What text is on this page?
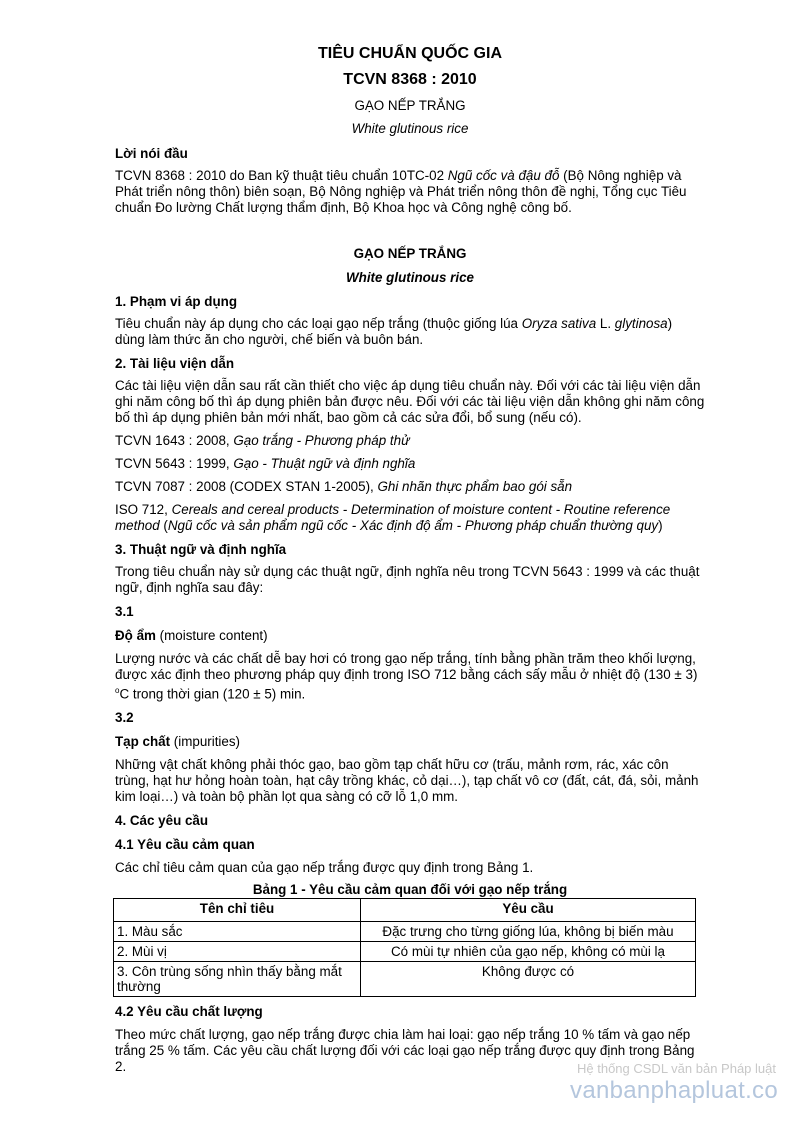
TIÊU CHUẨN QUỐC GIA

TCVN 8368 : 2010

GẠO NẾP TRẮNG

White glutinous rice

Lời nói đầu

TCVN 8368 : 2010 do Ban kỹ thuật tiêu chuẩn 10TC-02 Ngũ cốc và đậu đỗ (Bộ Nông nghiệp và Phát triển nông thôn) biên soạn, Bộ Nông nghiệp và Phát triển nông thôn đề nghị, Tổng cục Tiêu chuẩn Đo lường Chất lượng thẩm định, Bộ Khoa học và Công nghệ công bố.

GẠO NẾP TRẮNG

White glutinous rice

1. Phạm vi áp dụng

Tiêu chuẩn này áp dụng cho các loại gạo nếp trắng (thuộc giống lúa Oryza sativa L. glytinosa) dùng làm thức ăn cho người, chế biến và buôn bán.

2. Tài liệu viện dẫn

Các tài liệu viện dẫn sau rất cần thiết cho việc áp dụng tiêu chuẩn này. Đối với các tài liệu viện dẫn ghi năm công bố thì áp dụng phiên bản được nêu. Đối với các tài liệu viện dẫn không ghi năm công bố thì áp dụng phiên bản mới nhất, bao gồm cả các sửa đổi, bổ sung (nếu có).

TCVN 1643 : 2008, Gạo trắng - Phương pháp thử

TCVN 5643 : 1999, Gạo - Thuật ngữ và định nghĩa

TCVN 7087 : 2008 (CODEX STAN 1-2005), Ghi nhãn thực phẩm bao gói sẵn

ISO 712, Cereals and cereal products - Determination of moisture content - Routine reference method (Ngũ cốc và sản phẩm ngũ cốc - Xác định độ ẩm - Phương pháp chuẩn thường quy)

3. Thuật ngữ và định nghĩa

Trong tiêu chuẩn này sử dụng các thuật ngữ, định nghĩa nêu trong TCVN 5643 : 1999 và các thuật ngữ, định nghĩa sau đây:

3.1

Độ ẩm (moisture content)

Lượng nước và các chất dễ bay hơi có trong gạo nếp trắng, tính bằng phần trăm theo khối lượng, được xác định theo phương pháp quy định trong ISO 712 bằng cách sấy mẫu ở nhiệt độ (130 ± 3) $^o$C trong thời gian (120 ± 5) min.

3.2

Tạp chất (impurities)

Những vật chất không phải thóc gạo, bao gồm tạp chất hữu cơ (trấu, mảnh rơm, rác, xác côn trùng, hạt hư hỏng hoàn toàn, hạt cây trồng khác, cỏ dại…), tạp chất vô cơ (đất, cát, đá, sỏi, mảnh kim loại…) và toàn bộ phần lọt qua sàng có cỡ lỗ 1,0 mm.

4. Các yêu cầu

4.1 Yêu cầu cảm quan

Các chỉ tiêu cảm quan của gạo nếp trắng được quy định trong Bảng 1.

Bảng 1 - Yêu cầu cảm quan đối với gạo nếp trắng

Tên chỉ tiêu	Yêu cầu
1. Màu sắc	Đặc trưng cho từng giống lúa, không bị biến màu
2. Mùi vị	Có mùi tự nhiên của gạo nếp, không có mùi lạ
3. Côn trùng sống nhìn thấy bằng mắt thường	Không được có

4.2 Yêu cầu chất lượng

Theo mức chất lượng, gạo nếp trắng được chia làm hai loại: gạo nếp trắng 10 % tấm và gạo nếp trắng 25 % tấm. Các yêu cầu chất lượng đối với các loại gạo nếp trắng được quy định trong Bảng 2.	Hệ thống CSDL văn bản Pháp luật
vanbanphapluat.co
